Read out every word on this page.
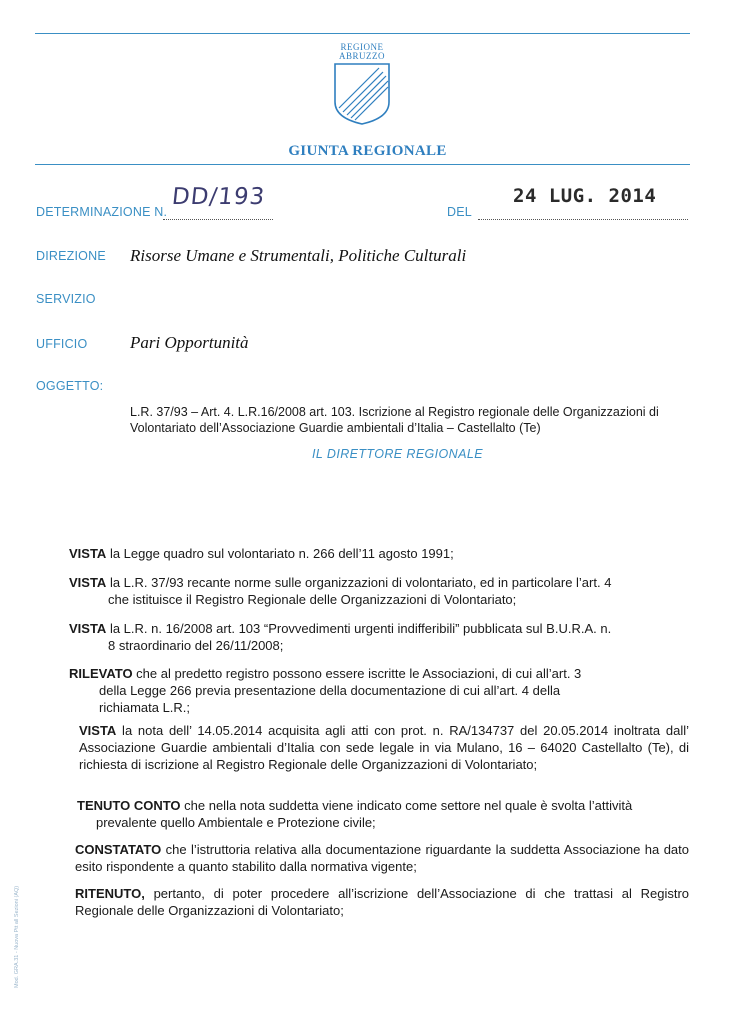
REGIONE
ABRUZZO
GIUNTA REGIONALE
DETERMINAZIONE N.
DD/193
DEL
24 LUG. 2014
DIREZIONE Risorse Umane e Strumentali, Politiche Culturali
SERVIZIO
UFFICIO	Pari Opportunità
OGGETTO:
L.R. 37/93 – Art. 4. L.R.16/2008 art. 103. Iscrizione al Registro regionale delle Organizzazioni di Volontariato dell’Associazione Guardie ambientali d’Italia – Castellalto (Te)
IL DIRETTORE REGIONALE
VISTA la Legge quadro sul volontariato n. 266 dell’11 agosto 1991;
VISTA la L.R. 37/93 recante norme sulle organizzazioni di volontariato, ed in particolare l’art. 4
che istituisce il Registro Regionale delle Organizzazioni di Volontariato;
VISTA la L.R. n. 16/2008 art. 103 “Provvedimenti urgenti indifferibili” pubblicata sul B.U.R.A. n.
8 straordinario del 26/11/2008;
RILEVATO che al predetto registro possono essere iscritte le Associazioni, di cui all’art. 3
della Legge 266 previa presentazione della documentazione di cui all’art. 4 della
richiamata L.R.;
VISTA la nota dell’ 14.05.2014 acquisita agli atti con prot. n. RA/134737 del 20.05.2014 inoltrata dall’ Associazione Guardie ambientali d’Italia con sede legale in via Mulano, 16 – 64020 Castellalto (Te), di richiesta di iscrizione al Registro Regionale delle Organizzazioni di Volontariato;
TENUTO CONTO che nella nota suddetta viene indicato come settore nel quale è svolta l’attività
prevalente quello Ambientale e Protezione civile;
CONSTATATO che l’istruttoria relativa alla documentazione riguardante la suddetta Associazione ha dato esito rispondente a quanto stabilito dalla normativa vigente;
RITENUTO, pertanto, di poter procedere all’iscrizione dell’Associazione di che trattasi al Registro Regionale delle Organizzazioni di Volontariato;
Mod. GRA.31 - Nuova Ptt all Sezioni (AQ)
